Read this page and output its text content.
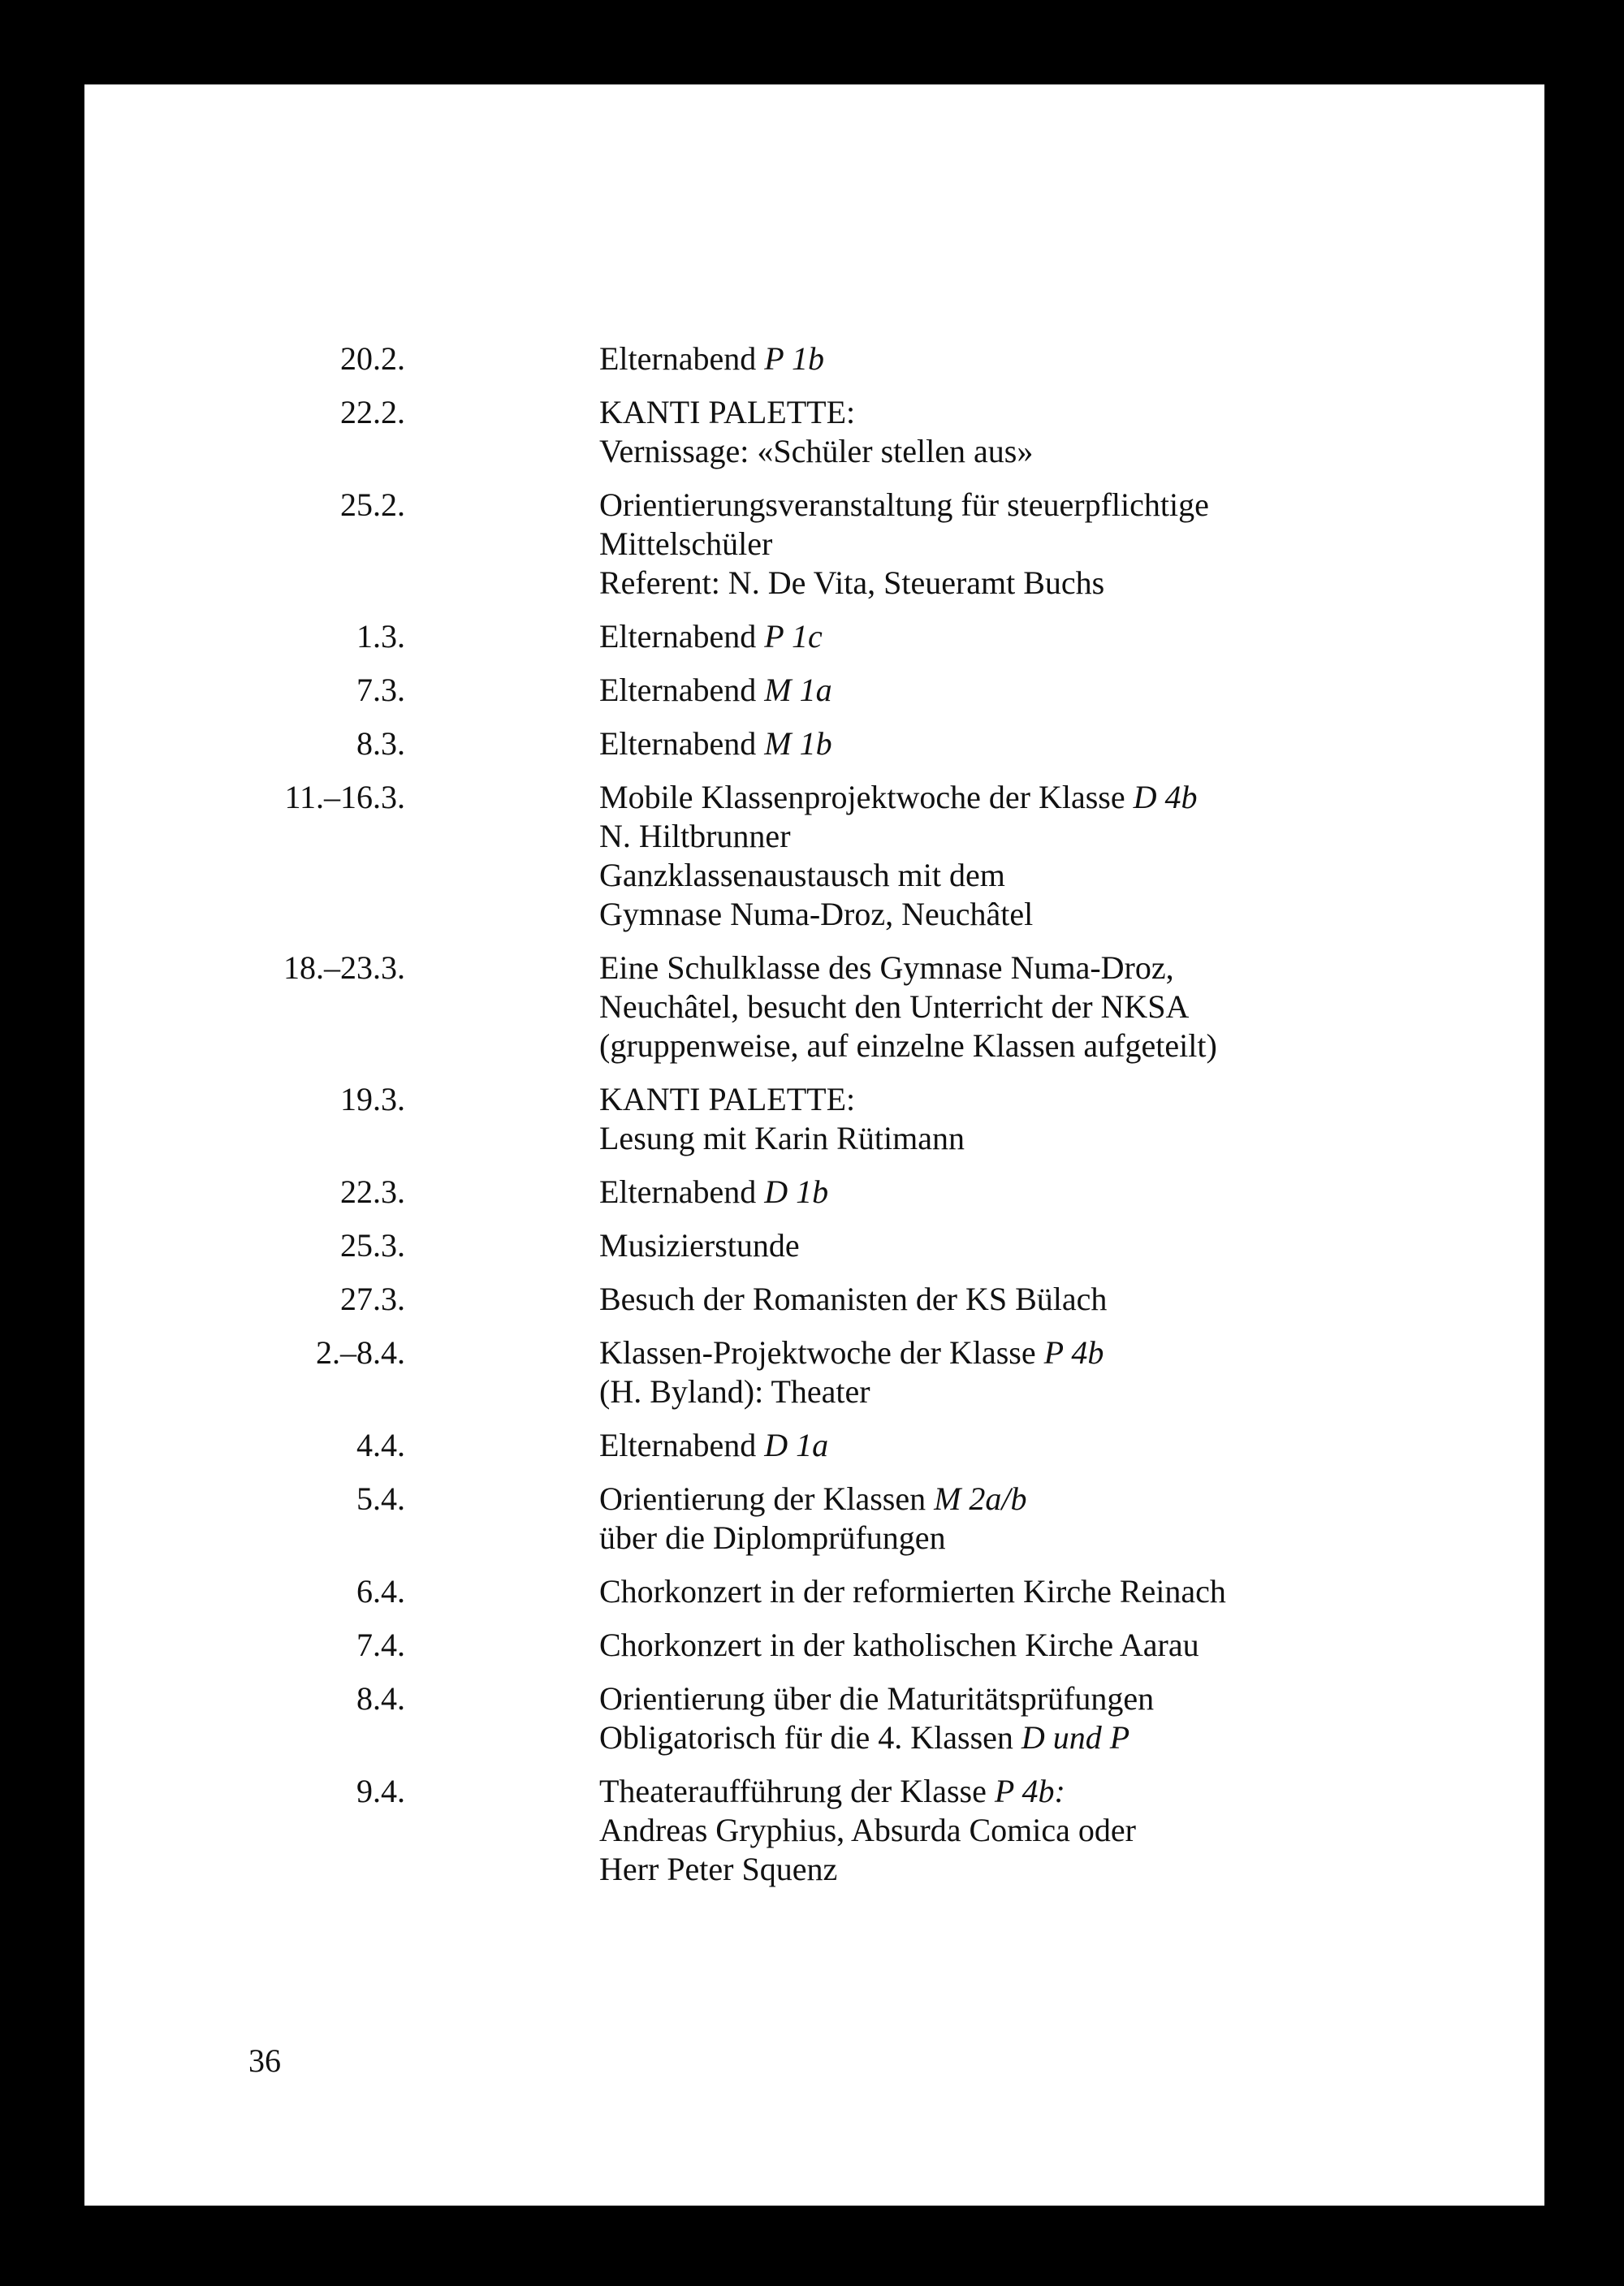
20.2.	Elternabend P 1b
22.2.	KANTI PALETTE:
Vernissage: «Schüler stellen aus»
25.2.	Orientierungsveranstaltung für steuerpflichtige
Mittelschüler
Referent: N. De Vita, Steueramt Buchs
1.3.	Elternabend P 1c
7.3.	Elternabend M 1a
8.3.	Elternabend M 1b
11.–16.3.	Mobile Klassenprojektwoche der Klasse D 4b
N. Hiltbrunner
Ganzklassenaustausch mit dem
Gymnase Numa-Droz, Neuchâtel
18.–23.3.	Eine Schulklasse des Gymnase Numa-Droz,
Neuchâtel, besucht den Unterricht der NKSA
(gruppenweise, auf einzelne Klassen aufgeteilt)
19.3.	KANTI PALETTE:
Lesung mit Karin Rütimann
22.3.	Elternabend D 1b
25.3.	Musizierstunde
27.3.	Besuch der Romanisten der KS Bülach
2.–8.4.	Klassen-Projektwoche der Klasse P 4b
(H. Byland): Theater
4.4.	Elternabend D 1a
5.4.	Orientierung der Klassen M 2a/b
über die Diplomprüfungen
6.4.	Chorkonzert in der reformierten Kirche Reinach
7.4.	Chorkonzert in der katholischen Kirche Aarau
8.4.	Orientierung über die Maturitätsprüfungen
Obligatorisch für die 4. Klassen D und P
9.4.	Theateraufführung der Klasse P 4b:
Andreas Gryphius, Absurda Comica oder
Herr Peter Squenz
36
